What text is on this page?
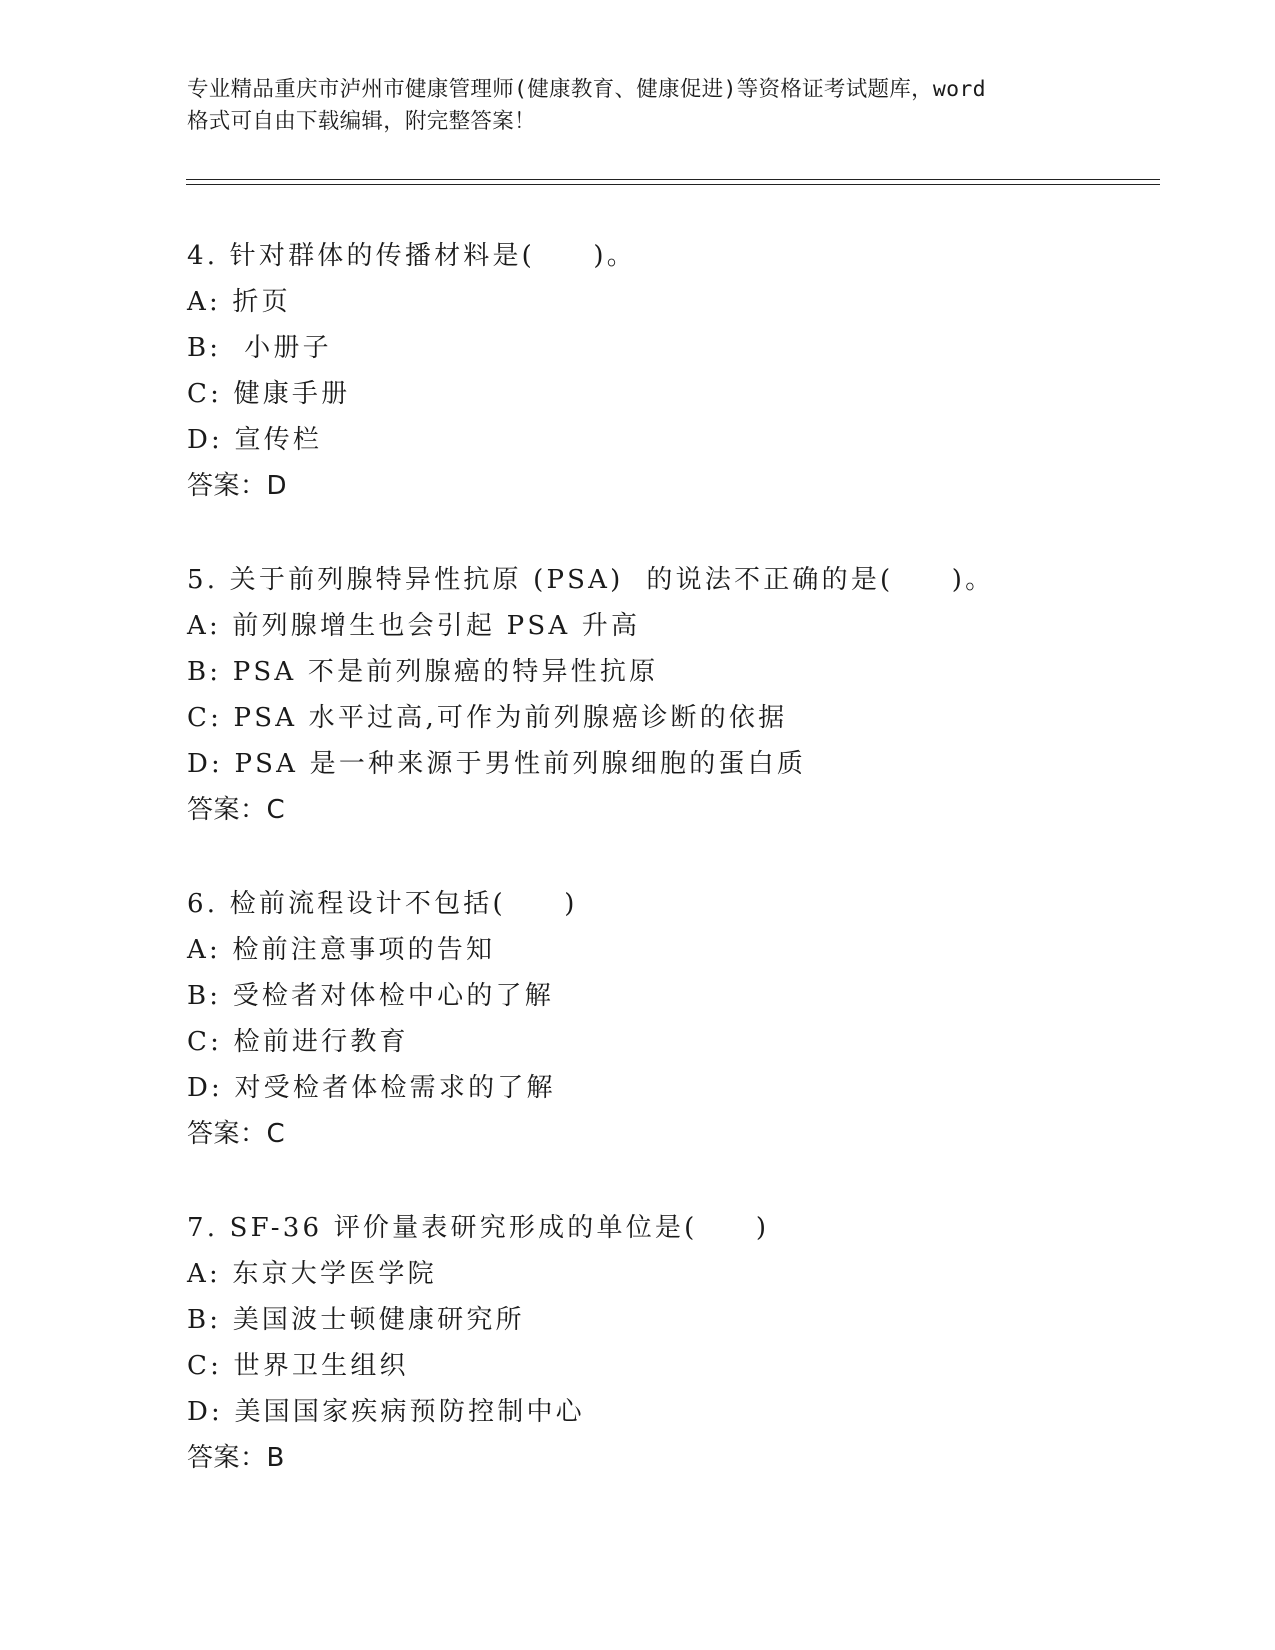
专业精品重庆市泸州市健康管理师(健康教育、健康促进)等资格证考试题库，word
格式可自由下载编辑，附完整答案！
4. 针对群体的传播材料是(　　)。
A: 折页
B:  小册子
C: 健康手册
D: 宣传栏
答案：D
5. 关于前列腺特异性抗原 (PSA)  的说法不正确的是(　　)。
A: 前列腺增生也会引起 PSA 升高
B: PSA 不是前列腺癌的特异性抗原
C: PSA 水平过高,可作为前列腺癌诊断的依据
D: PSA 是一种来源于男性前列腺细胞的蛋白质
答案：C
6. 检前流程设计不包括(　　)
A: 检前注意事项的告知
B: 受检者对体检中心的了解
C: 检前进行教育
D: 对受检者体检需求的了解
答案：C
7. SF-36 评价量表研究形成的单位是(　　)
A: 东京大学医学院
B: 美国波士顿健康研究所
C: 世界卫生组织
D: 美国国家疾病预防控制中心
答案：B
